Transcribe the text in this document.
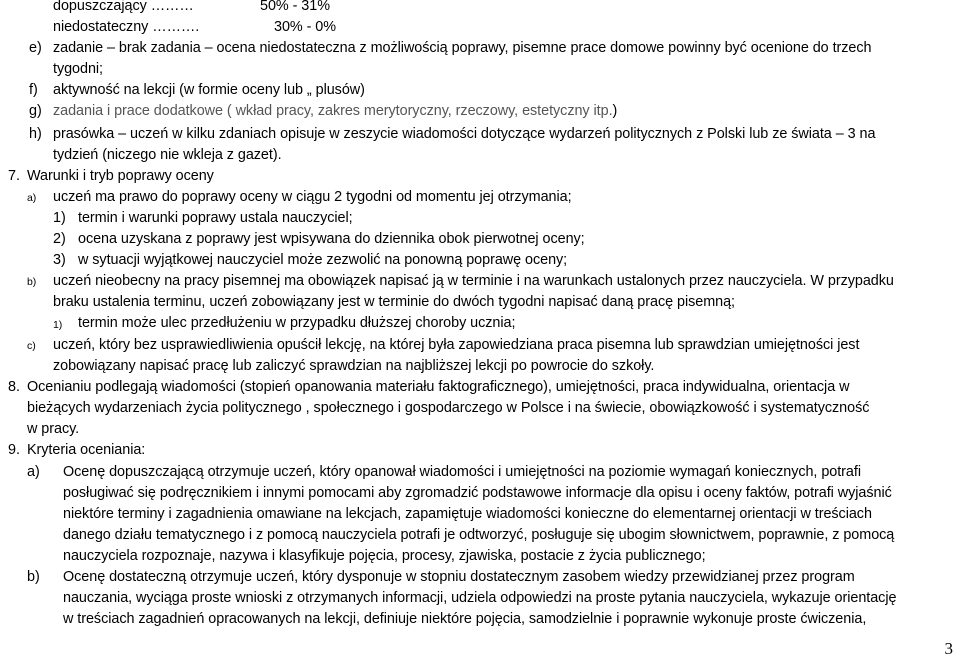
dopuszczający ………	50% - 31%
niedostateczny ……….	30% - 0%
e) zadanie – brak zadania – ocena niedostateczna z możliwością poprawy, pisemne prace domowe powinny być ocenione do trzech
tygodni;
f) aktywność na lekcji (w formie oceny lub „ plusów)
g) zadania i prace dodatkowe ( wkład pracy, zakres merytoryczny, rzeczowy, estetyczny itp.)
h) prasówka – uczeń w kilku zdaniach opisuje w zeszycie wiadomości dotyczące wydarzeń politycznych z Polski lub ze świata – 3 na
tydzień (niczego nie wkleja z gazet).
7. Warunki i tryb poprawy oceny
a) uczeń ma prawo do poprawy oceny w ciągu 2 tygodni od momentu jej otrzymania;
1) termin i warunki poprawy ustala nauczyciel;
2) ocena uzyskana z poprawy jest wpisywana do dziennika obok pierwotnej oceny;
3) w sytuacji wyjątkowej nauczyciel może zezwolić na ponowną poprawę oceny;
b) uczeń nieobecny na pracy pisemnej ma obowiązek napisać ją w terminie i na warunkach ustalonych przez nauczyciela. W przypadku
braku ustalenia terminu, uczeń zobowiązany jest w terminie do dwóch tygodni napisać daną pracę pisemną;
1) termin może ulec przedłużeniu w przypadku dłuższej choroby ucznia;
c) uczeń, który bez usprawiedliwienia opuścił lekcję, na której była zapowiedziana praca pisemna lub sprawdzian umiejętności jest
zobowiązany napisać pracę lub zaliczyć sprawdzian na najbliższej lekcji po powrocie do szkoły.
8. Ocenianiu podlegają wiadomości (stopień opanowania materiału faktograficznego), umiejętności, praca indywidualna, orientacja w
bieżących wydarzeniach życia politycznego , społecznego i gospodarczego w Polsce i na świecie, obowiązkowość i systematyczność
w pracy.
9. Kryteria oceniania:
a) Ocenę dopuszczającą otrzymuje uczeń, który opanował wiadomości i umiejętności na poziomie wymagań koniecznych, potrafi
posługiwać się podręcznikiem i innymi pomocami aby zgromadzić podstawowe informacje dla opisu i oceny faktów, potrafi wyjaśnić
niektóre terminy i zagadnienia omawiane na lekcjach, zapamiętuje wiadomości konieczne do elementarnej orientacji w treściach
danego działu tematycznego i z pomocą nauczyciela potrafi je odtworzyć, posługuje się ubogim słownictwem, poprawnie, z pomocą
nauczyciela rozpoznaje, nazywa i klasyfikuje pojęcia, procesy, zjawiska, postacie z życia publicznego;
b) Ocenę dostateczną otrzymuje uczeń, który dysponuje w stopniu dostatecznym zasobem wiedzy przewidzianej przez program
nauczania, wyciąga proste wnioski z otrzymanych informacji, udziela odpowiedzi na proste pytania nauczyciela, wykazuje orientację
w treściach zagadnień opracowanych na lekcji, definiuje niektóre pojęcia, samodzielnie i poprawnie wykonuje proste ćwiczenia,
3
